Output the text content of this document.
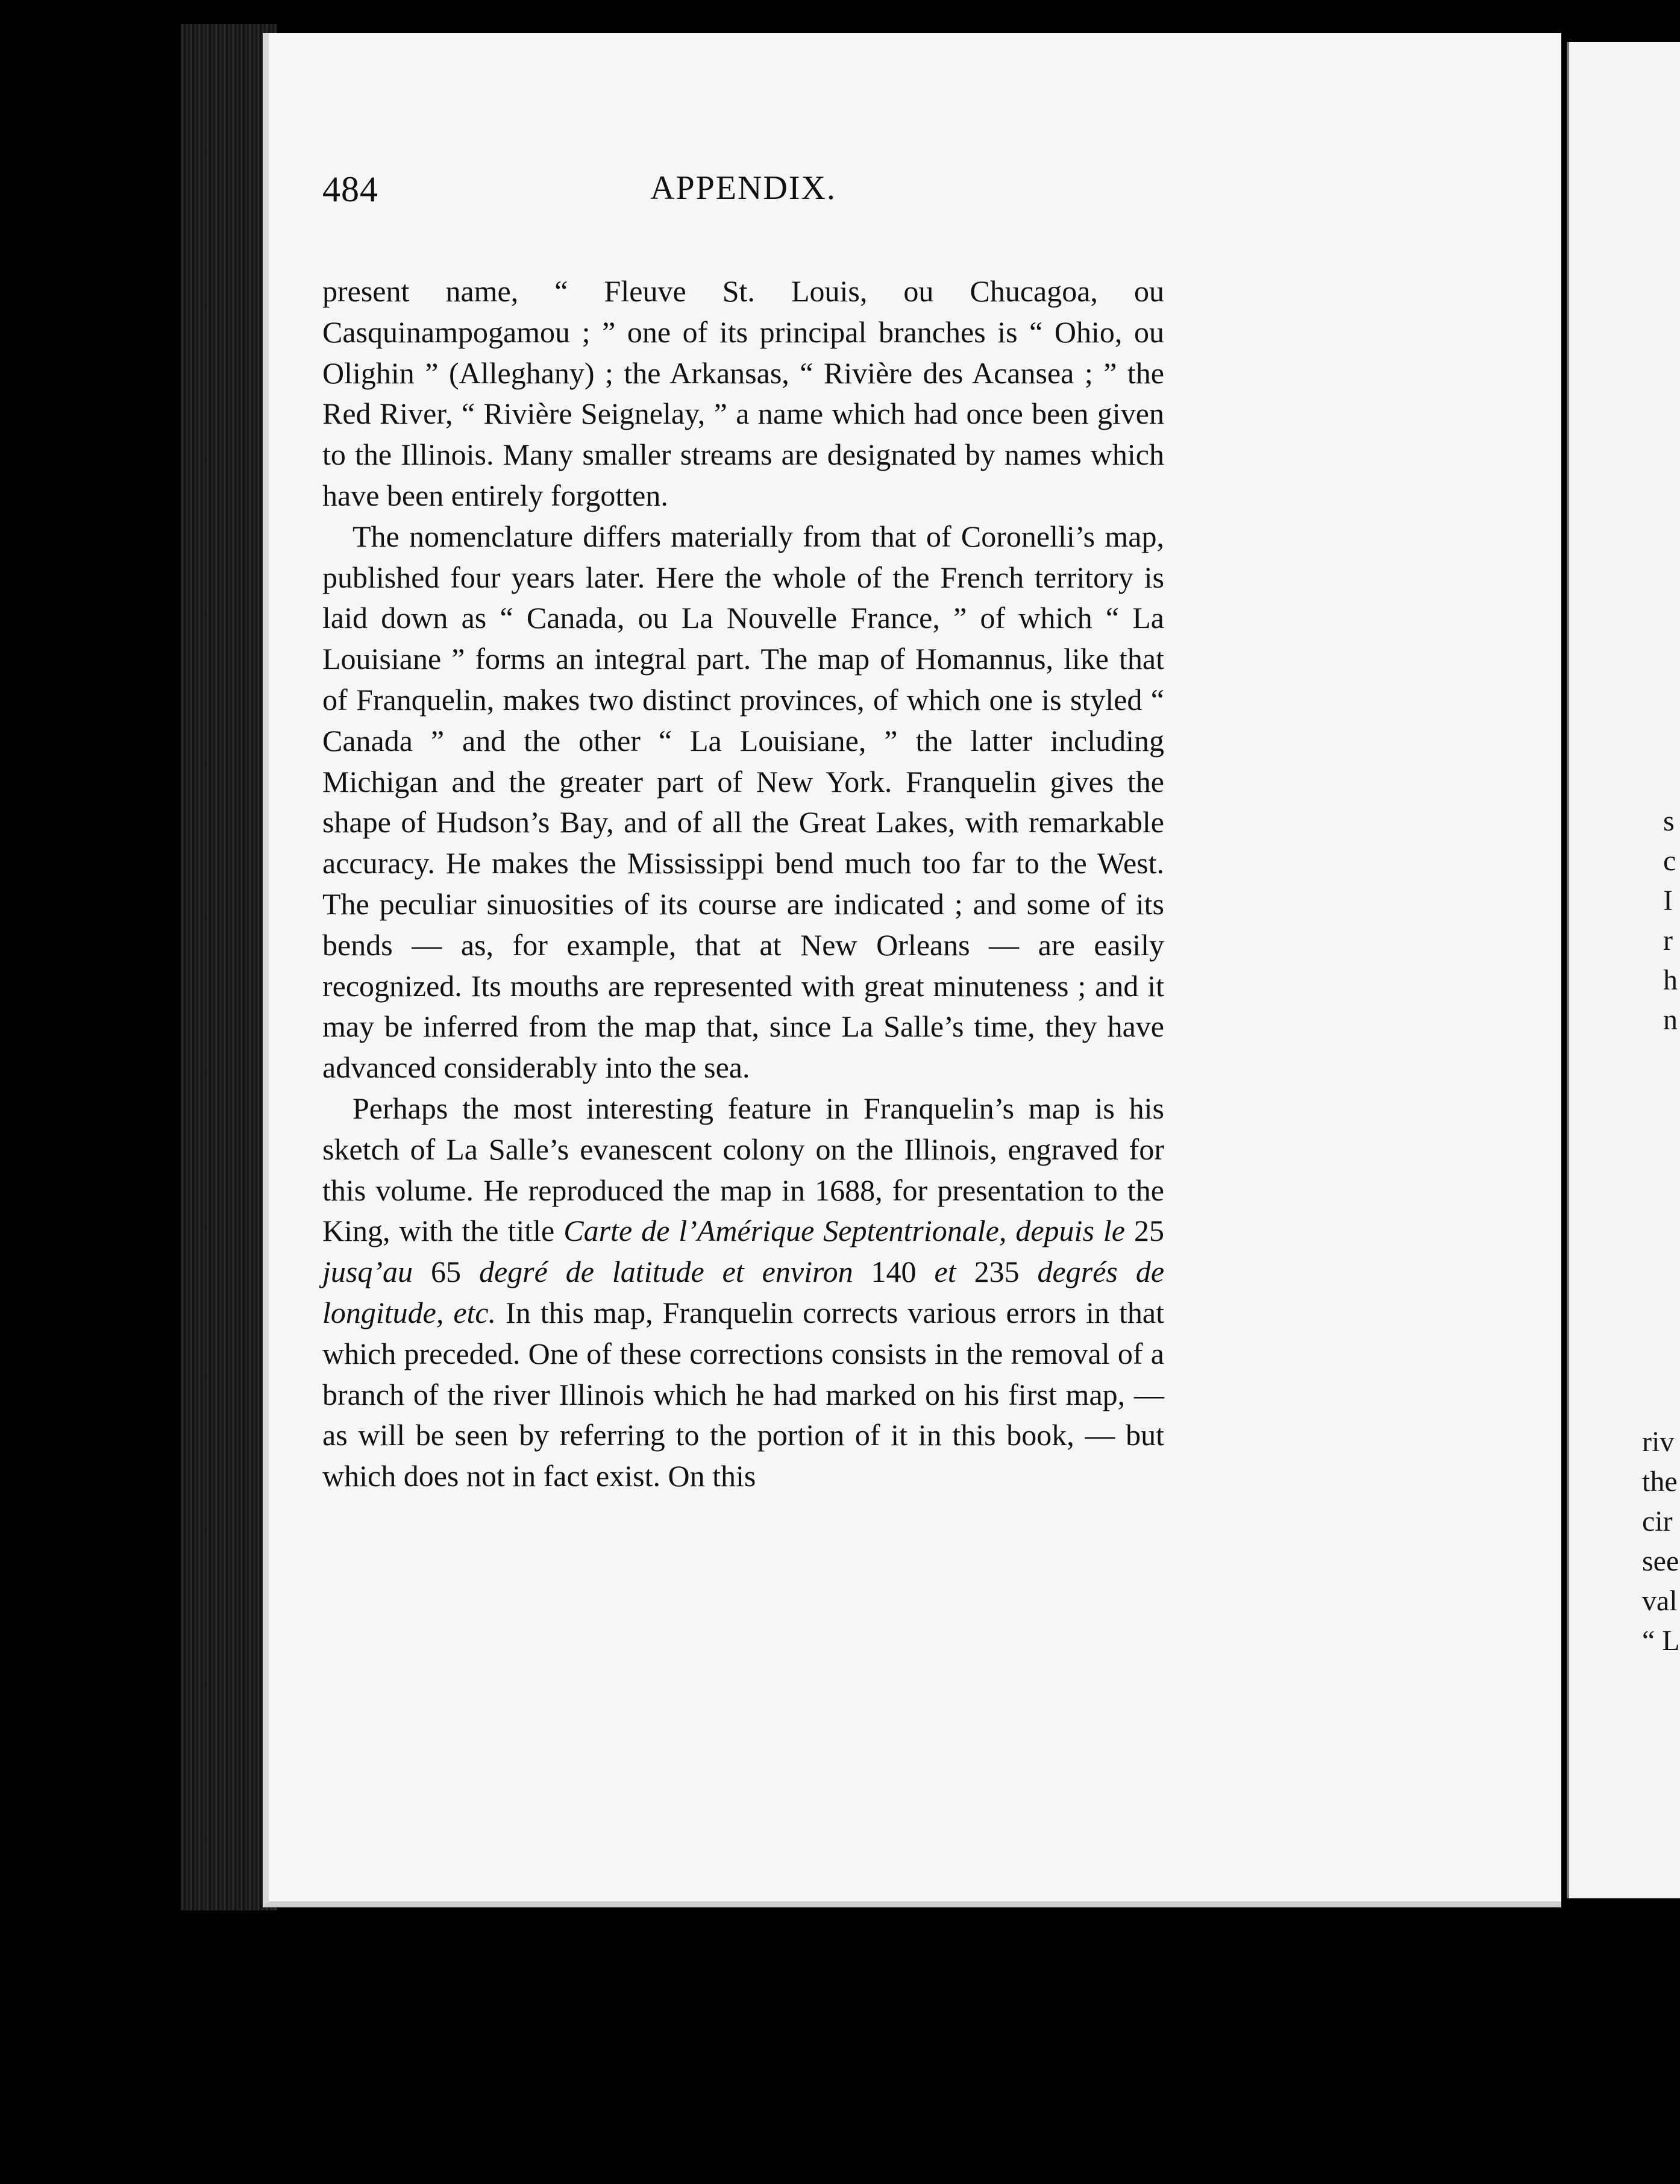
484	APPENDIX.

present name, “ Fleuve St. Louis, ou Chucagoa, ou Casquinampogamou ; ” one of its principal branches is “ Ohio, ou Olighin ” (Alleghany) ; the Arkansas, “ Rivière des Acansea ; ” the Red River, “ Rivière Seignelay, ” a name which had once been given to the Illinois. Many smaller streams are designated by names which have been entirely forgotten.

The nomenclature differs materially from that of Coronelli’s map, published four years later. Here the whole of the French territory is laid down as “ Canada, ou La Nouvelle France, ” of which “ La Louisiane ” forms an integral part. The map of Homannus, like that of Franquelin, makes two distinct provinces, of which one is styled “ Canada ” and the other “ La Louisiane, ” the latter including Michigan and the greater part of New York. Franquelin gives the shape of Hudson’s Bay, and of all the Great Lakes, with remarkable accuracy. He makes the Mississippi bend much too far to the West. The peculiar sinuosities of its course are indicated ; and some of its bends — as, for example, that at New Orleans — are easily recognized. Its mouths are represented with great minuteness ; and it may be inferred from the map that, since La Salle’s time, they have advanced considerably into the sea.

Perhaps the most interesting feature in Franquelin’s map is his sketch of La Salle’s evanescent colony on the Illinois, engraved for this volume. He reproduced the map in 1688, for presentation to the King, with the title Carte de l’Amérique Septentrionale, depuis le 25 jusq’au 65 degré de latitude et environ 140 et 235 degrés de longitude, etc. In this map, Franquelin corrects various errors in that which preceded. One of these corrections consists in the removal of a branch of the river Illinois which he had marked on his first map, — as will be seen by referring to the portion of it in this book, — but which does not in fact exist. On this

s
c
I
r
h
n
riv
the
cir
see
val
“ L
